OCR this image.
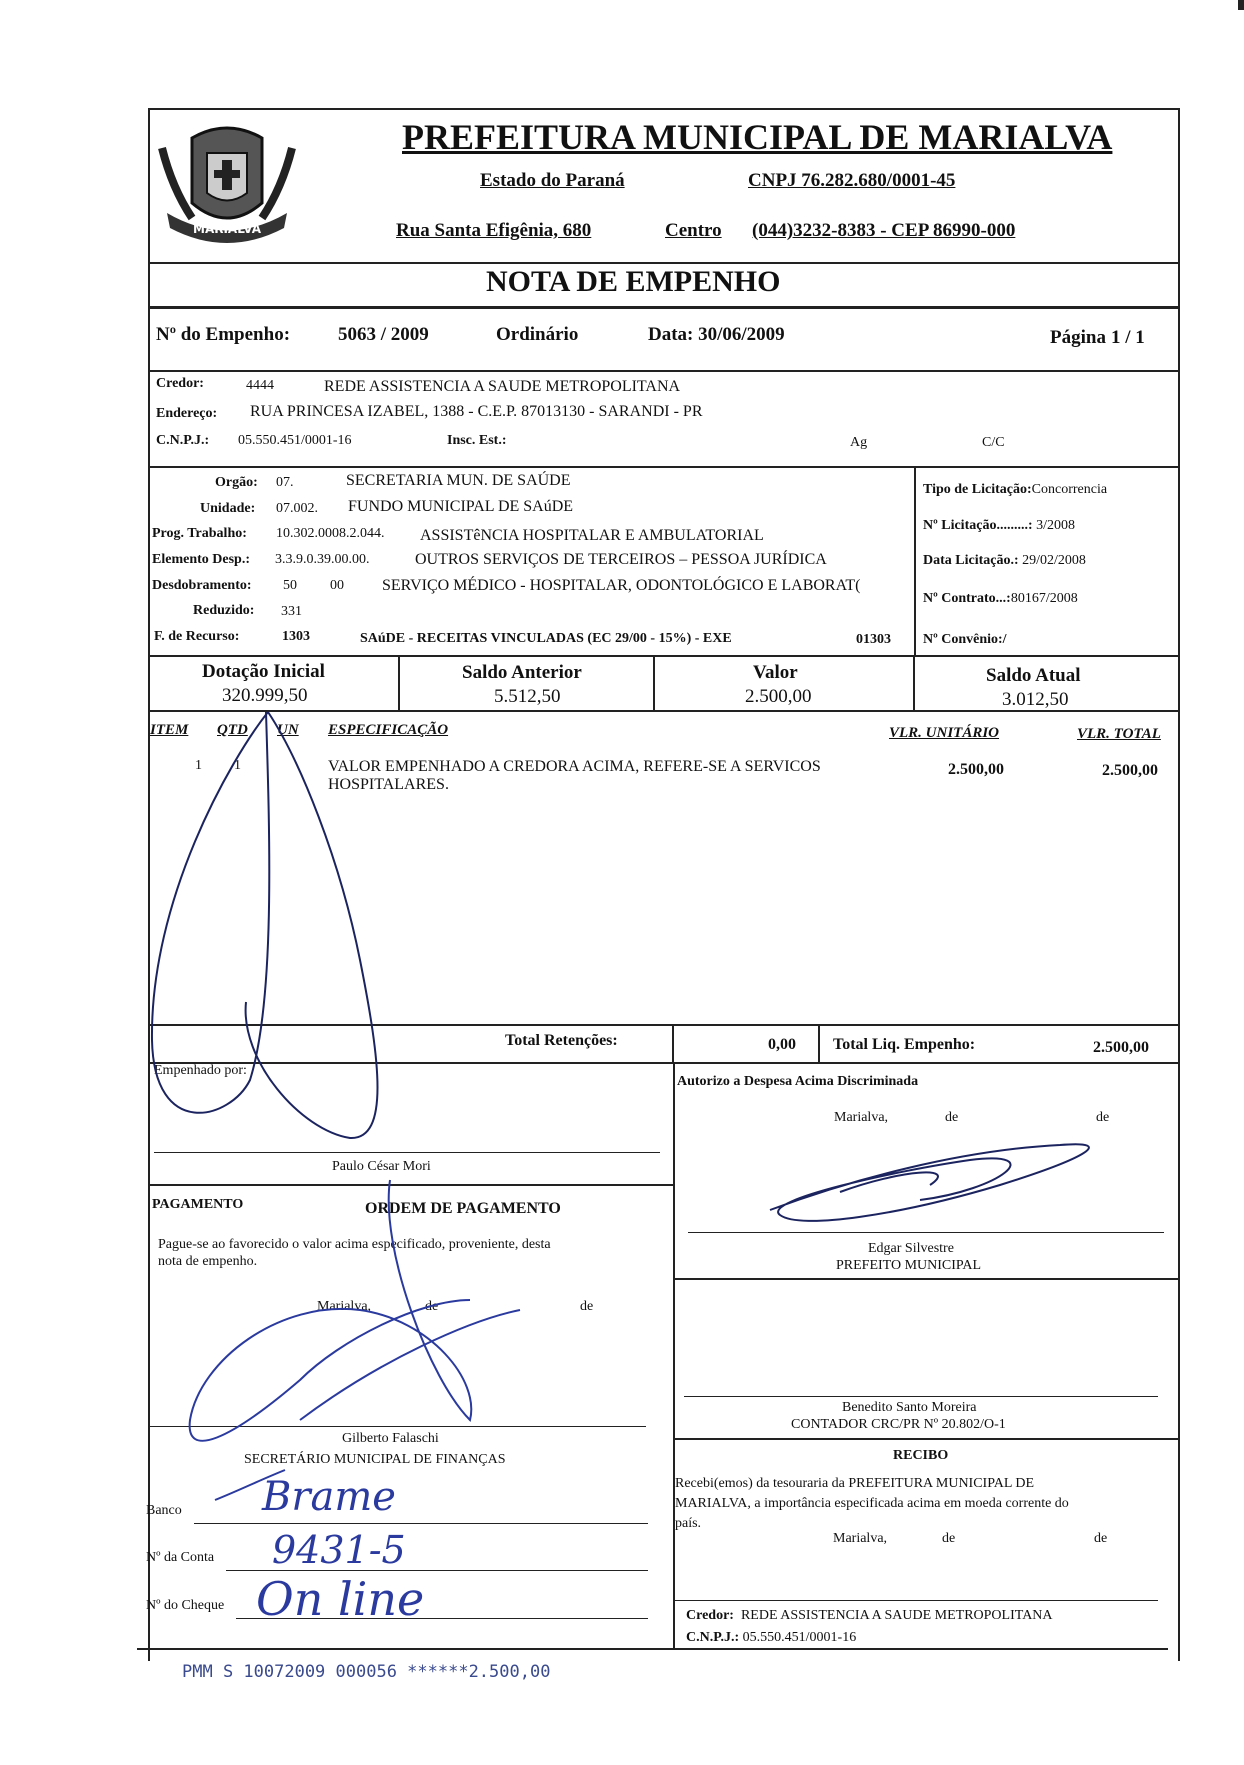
MARIALVA
PREFEITURA MUNICIPAL DE MARIALVA
Estado do Paraná	CNPJ 76.282.680/0001-45
Rua Santa Efigênia, 680	Centro (044)3232-8383 - CEP 86990-000
NOTA DE EMPENHO
Nº do Empenho:	5063 / 2009	Ordinário	Data: 30/06/2009	Página 1 / 1
Credor:	4444	REDE ASSISTENCIA A SAUDE METROPOLITANA
Endereço: RUA PRINCESA IZABEL, 1388 - C.E.P. 87013130 - SARANDI - PR
C.N.P.J.: 05.550.451/0001-16	Insc. Est.:	Ag	C/C
Orgão: 07.	SECRETARIA MUN. DE SAÚDE
Unidade: 07.002. FUNDO MUNICIPAL DE SAúDE
Prog. Trabalho: 10.302.0008.2.044. ASSISTêNCIA HOSPITALAR E AMBULATORIAL
Elemento Desp.: 3.3.9.0.39.00.00.	OUTROS SERVIÇOS DE TERCEIROS – PESSOA JURÍDICA
Desdobramento: 50 00 SERVIÇO MÉDICO - HOSPITALAR, ODONTOLÓGICO E LABORAT(
Reduzido: 331
F. de Recurso:	1303	SAúDE - RECEITAS VINCULADAS (EC 29/00 - 15%) - EXE	01303
Tipo de Licitação:Concorrencia
Nº Licitação.........: 3/2008
Data Licitação.: 29/02/2008
Nº Contrato...:80167/2008
Nº Convênio:/
Dotação Inicial
320.999,50
Saldo Anterior
5.512,50
Valor
2.500,00
Saldo Atual
3.012,50
ITEM QTD UN ESPECIFICAÇÃO	VLR. UNITÁRIO	VLR. TOTAL
1 1	VALOR EMPENHADO A CREDORA ACIMA, REFERE-SE A SERVICOS
HOSPITALARES.
2.500,00	2.500,00
Total Retenções:	0,00 Total Liq. Empenho:	2.500,00
Empenhado por:
Autorizo a Despesa Acima Discriminada
Marialva,	de	de
Paulo César Mori
Edgar Silvestre
PREFEITO MUNICIPAL
PAGAMENTO	ORDEM DE PAGAMENTO
Pague-se ao favorecido o valor acima especificado, proveniente, desta
nota de empenho.
Marialva,	de	de
Benedito Santo Moreira
CONTADOR CRC/PR Nº 20.802/O-1
Gilberto Falaschi
SECRETÁRIO MUNICIPAL DE FINANÇAS	RECIBO
Recebi(emos) da tesouraria da PREFEITURA MUNICIPAL DE
MARIALVA, a importância especificada acima em moeda corrente do
país.
Marialva,	de	de
Credor: REDE ASSISTENCIA A SAUDE METROPOLITANA
C.N.P.J.: 05.550.451/0001-16
Banco
Nº da Conta
Nº do Cheque
Brame
9431-5
On line
PMM S 10072009 000056 ******2.500,00
